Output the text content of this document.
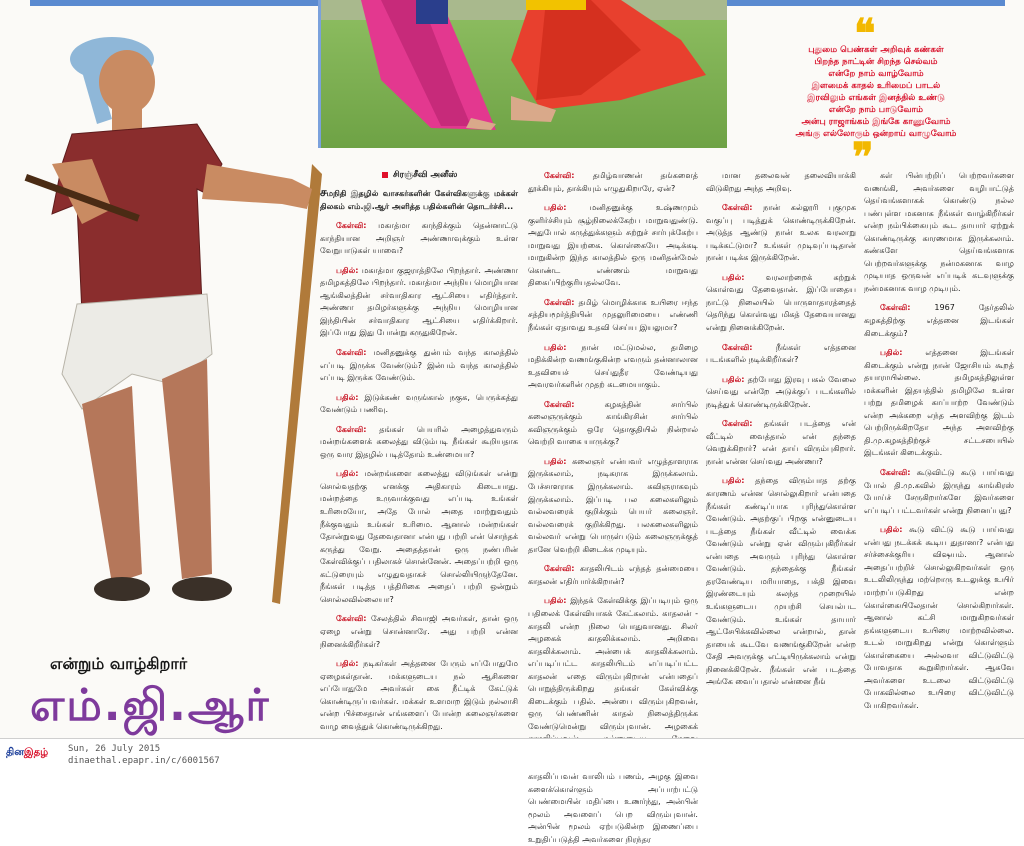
❝
புதுமை பெண்கள் அறிவுக் கண்கள்
பிறந்த நாட்டின் சிறந்த செல்வம்
என்றே நாம் வாழ்வோம்
இளமைக் காதல் உரிமைப் பாடல்
இரவிலும் எங்கள் இனத்தில் உண்டு
என்றே நாம் பாடுவோம்
அன்பு ராஜாங்கம் இங்கே காணுவோம்
அங்கு எல்லோரும் ஒன்றாய் வாழுவோம்
❞
சிரஞ்சீவி அனீஸ்

சமநிதி இதழில் வாசகர்களின் கேள்விகளுக்கு மக்கள் திலகம் எம்.ஜி.ஆர் அளித்த பதில்களின் தொடர்ச்சி...

கேள்வி: மகாத்மா காந்திக்கும் தென்னாட்டு காந்தியான அறிஞர் அண்ணாவுக்கும் உள்ள வேறுபாடுகள் யாவை?

பதில்: மகாத்மா குஜராத்திலே பிறந்தார். அண்ணா தமிழகத்திலே பிறந்தார். மகாத்மா அந்நிய மொழியான ஆங்கிலத்தின் சர்வாதிகார ஆட்சியை எதிர்த்தார். அண்ணா தமிழர்களுக்கு அந்நிய மொழியான இந்தியின் சர்வாதிகார ஆட்சியை எதிர்க்கிறார். இப்போது இது போன்று கருதுகிறேன்.

கேள்வி: மனிதனுக்கு துன்பம் வந்த காலத்தில் எப்படி இருக்க வேண்டும்? இன்பம் வந்த காலத்தில் எப்படி இருக்க வேண்டும்.

பதில்: இடுக்கண் வருங்கால் நகுக, பெருக்கத்து வேண்டும் பணிவு.

கேள்வி: தங்கள் பெயரில் அழைத்துவரும் மன்றங்களைக் கலைத்து விடும்படி நீங்கள் கூறியதாக ஒரு வார இதழில் படித்தோம் உண்மையா?

பதில்: மன்றங்களை கலைத்து விடுங்கள் என்று சொல்வதற்கு எனக்கு அதிகாரம் கிடையாது. மன்றத்தை உருவாக்குவது எப்படி உங்கள் உரிமையோ, அதே போல் அதை மாற்றுவதும் நீக்குவதும் உங்கள் உரிமை. ஆனால் மன்றங்கள் தோன்றுவது தேவைதானா என்பது பற்றி என் சொந்தக் கருத்து வேறு. அதைத்தான் ஒரு நண்பரின் கேள்விக்குப் பதிலாகச் சொன்னேன். அதைப்பற்றி ஒரு கட்டுரையும் எழுதுவதாகச் சொல்லியிருந்தேனே. நீங்கள் படித்த பத்திரிகை அதைப் பற்றி ஒன்றும் சொல்லவில்லையா?

கேள்வி: சேலத்தில் சிவாஜி அவர்கள், தான் ஒரு ஏழை என்று சொன்னாரே. அது பற்றி என்ன நினைக்கிறீர்கள்?

பதில்: நடிகர்கள் அத்தனை பேரும் எப்போதுமே ஏழைகள்தான். மக்களுடைய நல் ஆசிகளை எப்போதுமே அவர்கள் கை நீட்டிக் கேட்டுக் கொண்டிருப்பவர்கள். மக்கள் உளமாற இடும் நல்லாசி என்ற பிச்சைதான் எங்களைப் போன்ற கலைஞர்களை வாழ வைத்துக் கொண்டிருக்கிறது.

கேள்வி: தமிழ்வாணன் தங்களைத் தூக்கியும், தாக்கியும் எழுதுகிறாரே, ஏன்?

பதில்:	மனிதனுக்கு உஷ்ணமும் குளிர்ச்சியும் சூழ்நிலைக்கேற்ப மாறுவதுண்டு. அதுபோல் கருத்துக்களும் சுற்றுச் சார்புக்கேற்ப மாறுவது இயற்கை. கொள்கையே அடிக்கடி மாறுகின்ற இந்த காலத்தில் ஒரு மனிதன்மேல் கொண்ட எண்ணம் மாறுவது திகைப்பிற்குரியதல்லவே.

கேள்வி: தமிழ் மொழிக்காக உயிரை ஈந்த சத்தியமூர்த்தியின் முதலுரிமையை எண்ணி நீங்கள் ஏதாவது உதவி செய்ய இயலுமா?

பதில்: நான் மட்டுமல்ல, தமிழை மதிக்கின்ற வணங்குகின்ற எவரும் தன்னாலான உதவியைச் செய்துதீர வேண்டியது அவரவர்களின் முதற் கடமையாகும்.

கேள்வி:	கழகத்தின் சார்பில் கலைஞருக்கும் காங்கிரசின் சார்பில் கவிஞருக்கும் ஒரே தொகுதியில் நின்றால் வெற்றி வாகை யாருக்கு?

பதில்: கலைஞர் என்பவர் எழுத்தாளராக இருக்கலாம், நடிகராக இருக்கலாம். பேச்சாளராக இருக்கலாம். கவிஞராகவும் இருக்கலாம். இப்படி பல கலைகளிலும் வல்லவரைக் குறிக்கும் பெயர் கலைஞர். வல்லவரைக் குறிக்கிறது. பலகலைகளிலும் வல்லவர் என்று பொருள்படும் கலைஞருக்குத் தானே வெற்றி கிடைக்க முடியும்.

கேள்வி: காதலியிடம் எந்தத் தன்மையை காதலன் எதிர்பார்க்கிறான்?

பதில்: இந்தக் கேள்விக்கு இப்படியும் ஒரு பதிலைக் கேள்வியாகக் கேட்கலாம். காதலன் - காதலி என்ற நிலை பொதுவானது. சிலர் அழகைக் காதலிக்கலாம். அறிவை காதலிக்கலாம். அன்பைக் காதலிக்கலாம். எப்படிப்பட்ட காதலியிடம் எப்படிப்பட்ட காதலன் எதை விரும்புகிறான் என்பதைப் பொறுத்திருக்கிறது தங்கள் கேள்விக்கு கிடைக்கும் பதில். அன்பை விரும்புகிறவன், ஒரு பெண்ணின் காதல் நிலைத்திருக்க வேண்டுமென்று விரும்புவான். அழகைக் காதலிப்பவன் வாலிபம் பணம், அழகு இவை களைக்கொள்ளும் அப்பாற்பட்டு பெண்மையின் மதிப்பை உணர்ந்து, அன்பின் மூலம் அவளைப் பெற விரும்புவான். அன்பின் மூலம் ஏற்படுகின்ற இணைப்பை உறுதிப்படுத்தி அவர்களை நிரந்தர

மான தலைவன் தலைவியாக்கி விடுகிறது அந்த அறிவு.

கேள்வி: நான் கல்லூரி புகுமுக வகுப்பு படித்துக் கொண்டிருக்கிறேன். அடுத்த ஆண்டு நான் உலக வரலாறு படிக்கட்டுமா? உங்கள் முடிவுப்படிதான் நான் படிக்க இருக்கிறேன்.

பதில்:	வரலாற்றைக் கற்றுக் கொள்வது தேவைதான். இப்போதைய நாட்டு நிலையில் பொருளாதாரத்தைத் தெரிந்து கொள்வது மிகத் தேவையானது என்று நினைக்கிறேன்.

கேள்வி:	நீங்கள் எத்தனை படங்களில் நடிக்கிறீர்கள்?

பதில்: தற்போது இரவு பகல் வேலை செய்வது என்றே அடுக்குப் படங்களில் நடித்துக் கொண்டிருக்கிறேன்.

கேள்வி: தங்கள் படத்தை என் வீட்டில் வைத்தால் என் தந்தை வெறுக்கிறார்? என் தாய் விரும்புகிறார். நான் என்ன செய்வது அண்ணா?

பதில்: தந்தை விரும்பாத தற்கு காரணம் என்ன சொல்லுகிறார் என்பதை நீங்கள் கண்டிப்பாக புரிந்துகொள்ள வேண்டும். அதற்குப் பிறகு என்னுடைய படத்தை நீங்கள் வீட்டில் வைக்க வேண்டும் என்று ஏன் விரும்புகிறீர்கள் என்பதை அவரும் புரிந்து கொள்ள வேண்டும். தந்தைக்கு நீங்கள் தரவேண்டிய மரியாதை, பக்தி இவை இரண்டையும் கலந்த முறையில் உங்களுடைய முயற்சி செயல்பட வேண்டும். உங்கள் தாயார் ஆட்சேபிக்கவில்லை என்றால், தான் தாயைக் கூடவே வணங்குகிறேன் என்ற சேதி அவருக்கு எட்டியிருக்கலாம் என்று நினைக்கிறேன். நீங்கள் என் படத்தை அங்கே வைப்பதால் என்னை நீங்

கள் பின்பற்றிப் பெற்றவர்களை வணங்கி, அவர்களை வழிபாட்டுத் தெய்வங்களாகக் கொண்டு நல்ல பண்புள்ள மகனாக நீங்கள் வாழ்கிறீர்கள் என்ற நம்பிக்கையும் கூட தாயார் ஏற்றுக் கொண்டிருக்கு காரணமாக இருக்கலாம். கண்களே தெய்வங்களாக பெற்றவர்களுக்கு நன்மகனாக வாழ முடியாத ஒருவன் எப்படிக் கடவுளுக்கு நன்மகனாக வாழ முடியும்.

கேள்வி:	1967 தேர்தலில் கழகத்திற்கு எத்தனை இடங்கள் கிடைக்கும்?

பதில்:	எத்தனை இடங்கள் கிடைக்கும் என்று நான் ஜோசியம் கூறத் தயாராயில்லை. தமிழகத்திலுள்ள மக்களின் இதயத்தில் தமிழிலே உள்ள பற்று தமிழைக் காப்பாற்ற வேண்டும் என்ற அக்கறை எந்த அளவிற்கு இடம் பெற்றிருக்கிறதோ அந்த அளவிற்கு தி.மு.கழகத்திற்குச் சட்டசபையில் இடங்கள் கிடைக்கும்.

கேள்வி: கூடுவிட்டு கூடு பாய்வது போல் தி.மு.கவில் இருந்து காங்கிரஸ் போய்ச் சேருகிறார்களே இவர்களை எப்படிப் பட்டவர்கள் என்று நினைப்பது?

பதில்: கூடு விட்டு கூடு பாய்வது என்பது நடக்கக் கூடிய துதானா? என்பது சர்ச்சைக்குரிய விஷயம். ஆனால் அதைப்பற்றிச் சொல்லுகிறவர்கள் ஒரு உடலிலிருந்து மற்றொரு உடலுக்கு உயிர் மாற்றப்படுகிறது என்ற கொள்கையிலேதான் சொல்கிறார்கள். ஆனால் கட்சி மாறுகிறவர்கள் தங்களுடைய உயிரை மாற்றவில்லை. உடல் மாறுகிறது என்று கொள்ளும் கொள்கையை அல்லவா விட்டுவிட்டு போவதாக கூறுகிறார்கள். ஆகவே அவர்களை உடலை விட்டுவிட்டு போகவில்லை உயிரை விட்டுவிட்டு போகிறவர்கள்.

என்றும் வாழ்கிறார்
எம்.ஜி.ஆர்
தினஇதழ் Sun, 26 July 2015
dinaethal.epapr.in/c/6001567
